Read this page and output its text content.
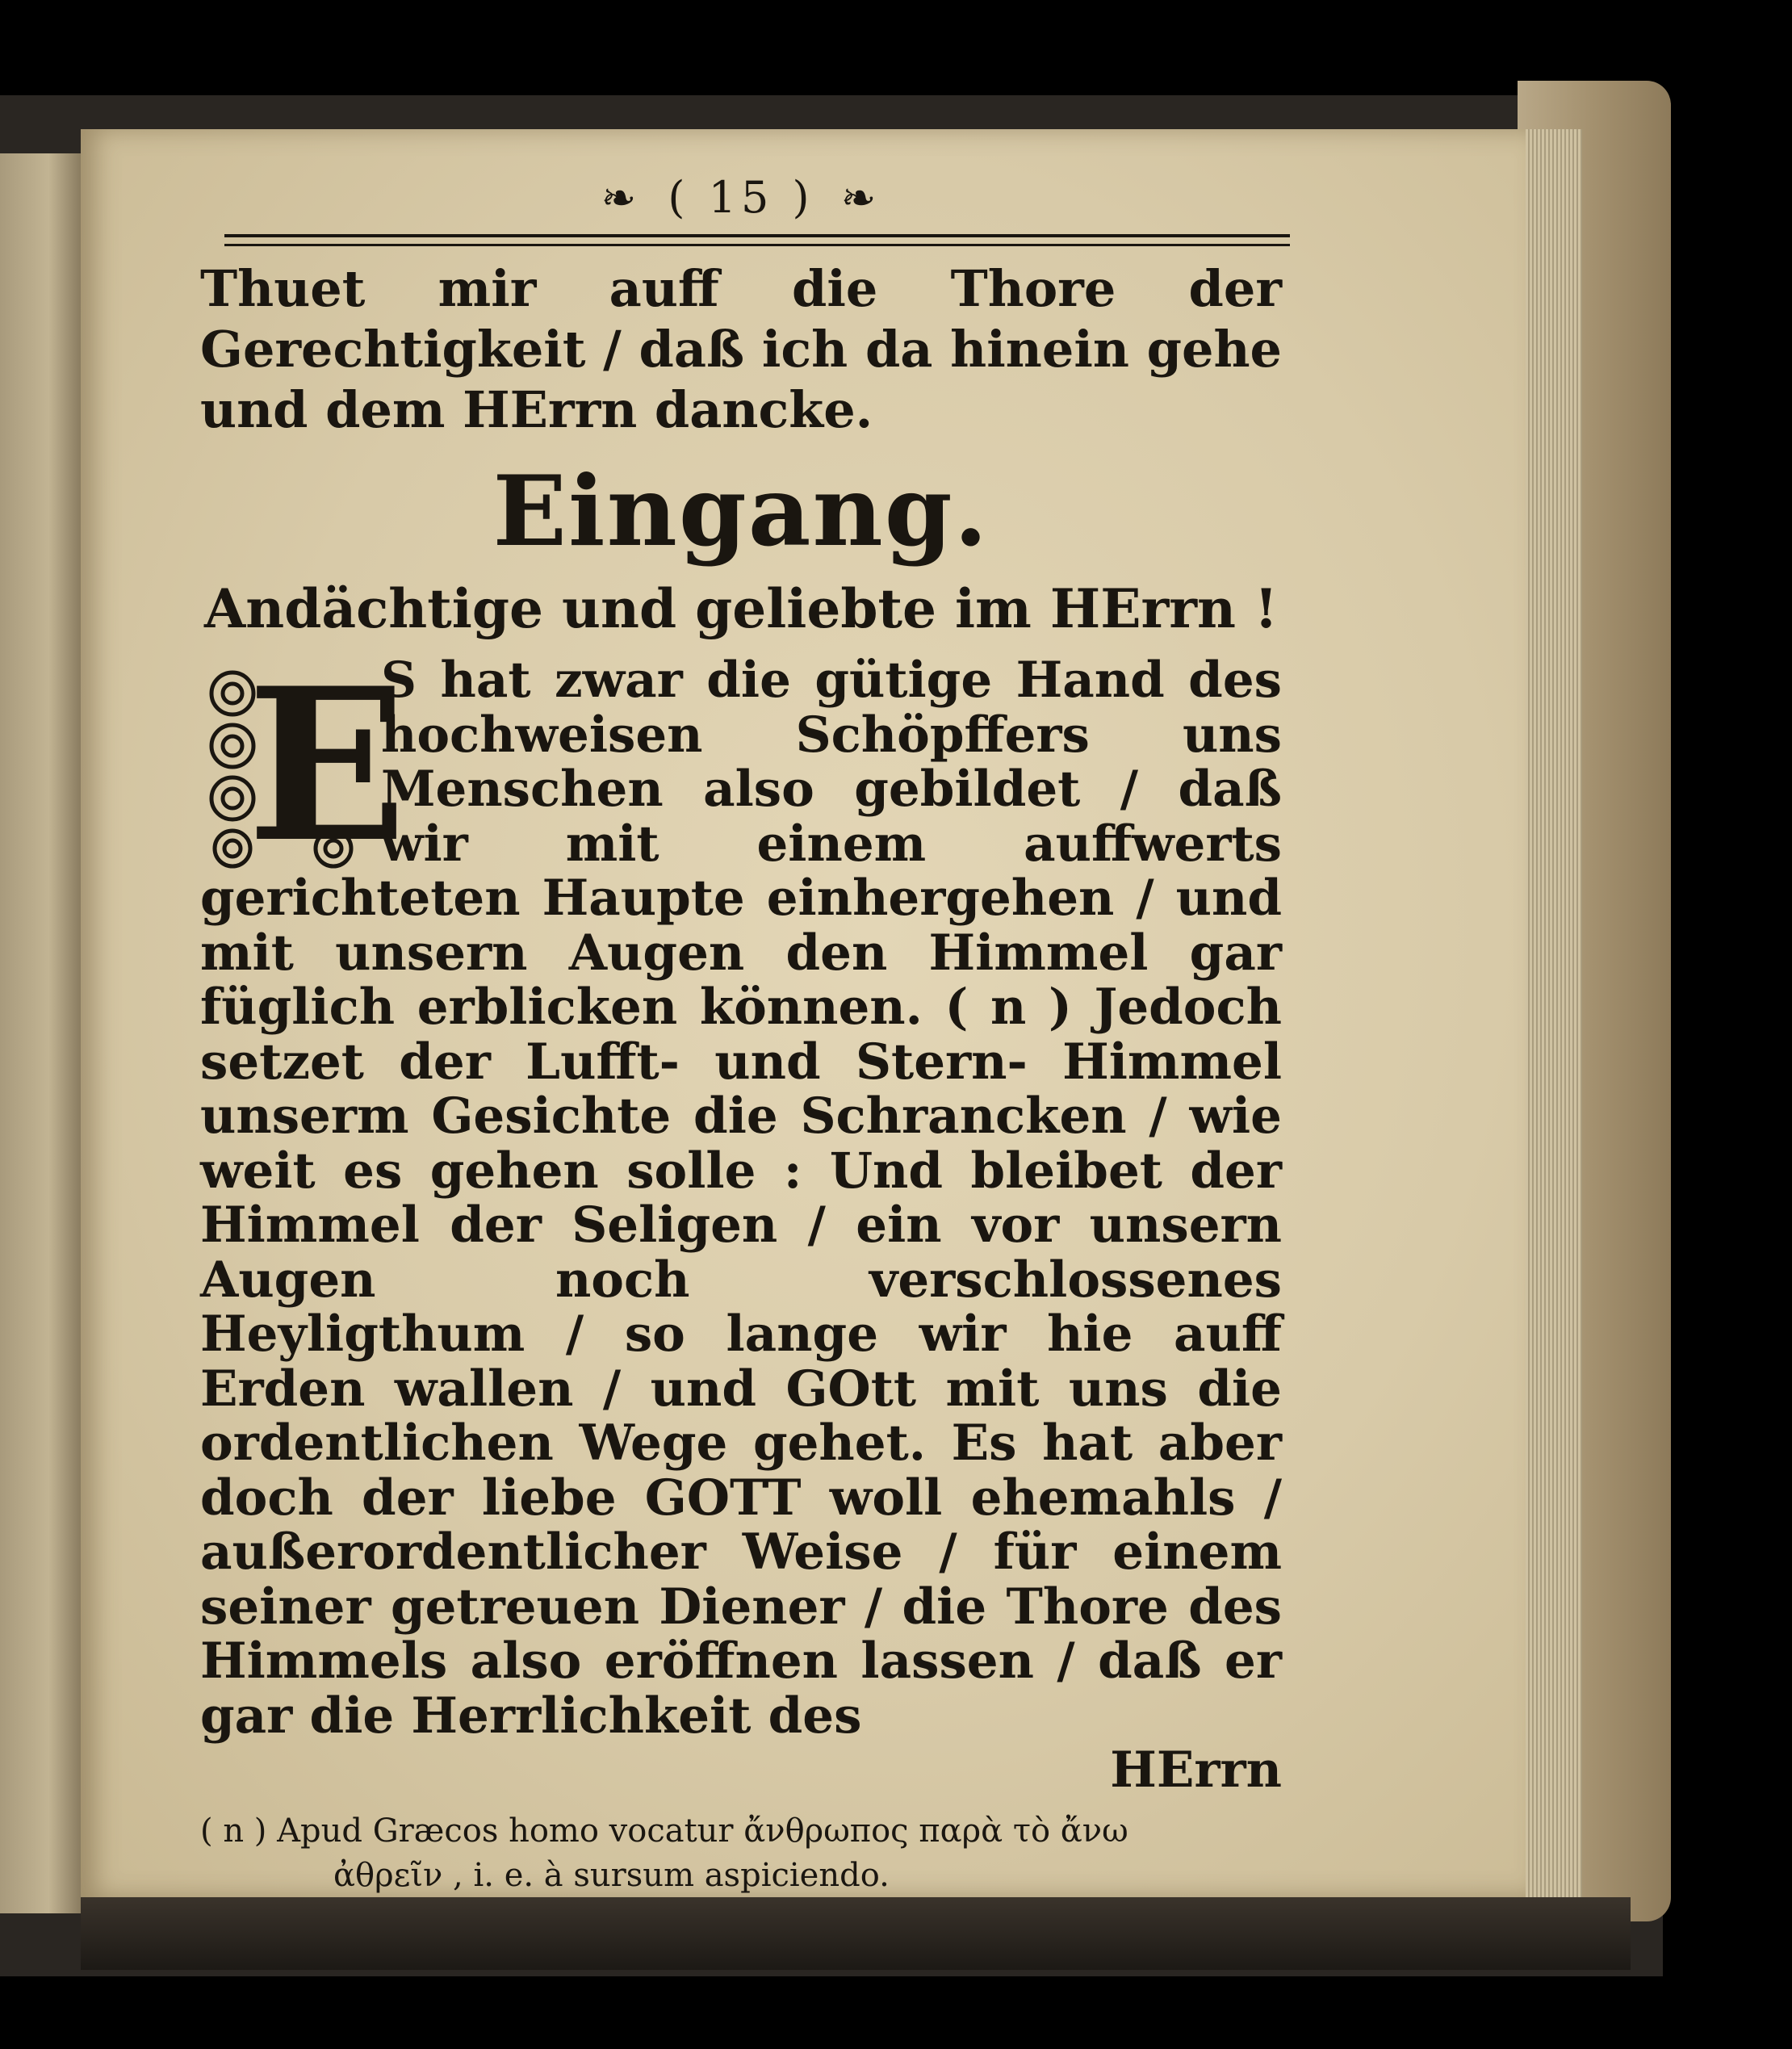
❧ ( 15 ) ❧
Thuet mir auff die Thore der Gerechtigkeit / daß ich da hinein gehe und dem HErrn dancke.
Eingang.
Andächtige und geliebte im HErrn !
E

S hat zwar die gütige Hand des hochweisen Schöpffers uns Menschen also gebildet / daß wir mit einem auffwerts gerichteten Haupte einhergehen / und mit unsern Augen den Himmel gar füglich erblicken können. ( n ) Jedoch setzet der Lufft- und Stern- Himmel unserm Gesichte die Schrancken / wie weit es gehen solle : Und bleibet der Himmel der Seligen / ein vor unsern Augen noch verschlossenes Heyligthum / so lange wir hie auff Erden wallen / und GOtt mit uns die ordentlichen Wege gehet. Es hat aber doch der liebe GOTT woll ehemahls / außerordentlicher Weise / für einem seiner getreuen Diener / die Thore des Himmels also eröffnen lassen / daß er gar die Herrlichkeit des

HErrn
( n ) Apud Græcos homo vocatur ἄνθρωπος παρὰ τὸ ἄνω
ἀθρεῖν , i. e. à sursum aspiciendo.
